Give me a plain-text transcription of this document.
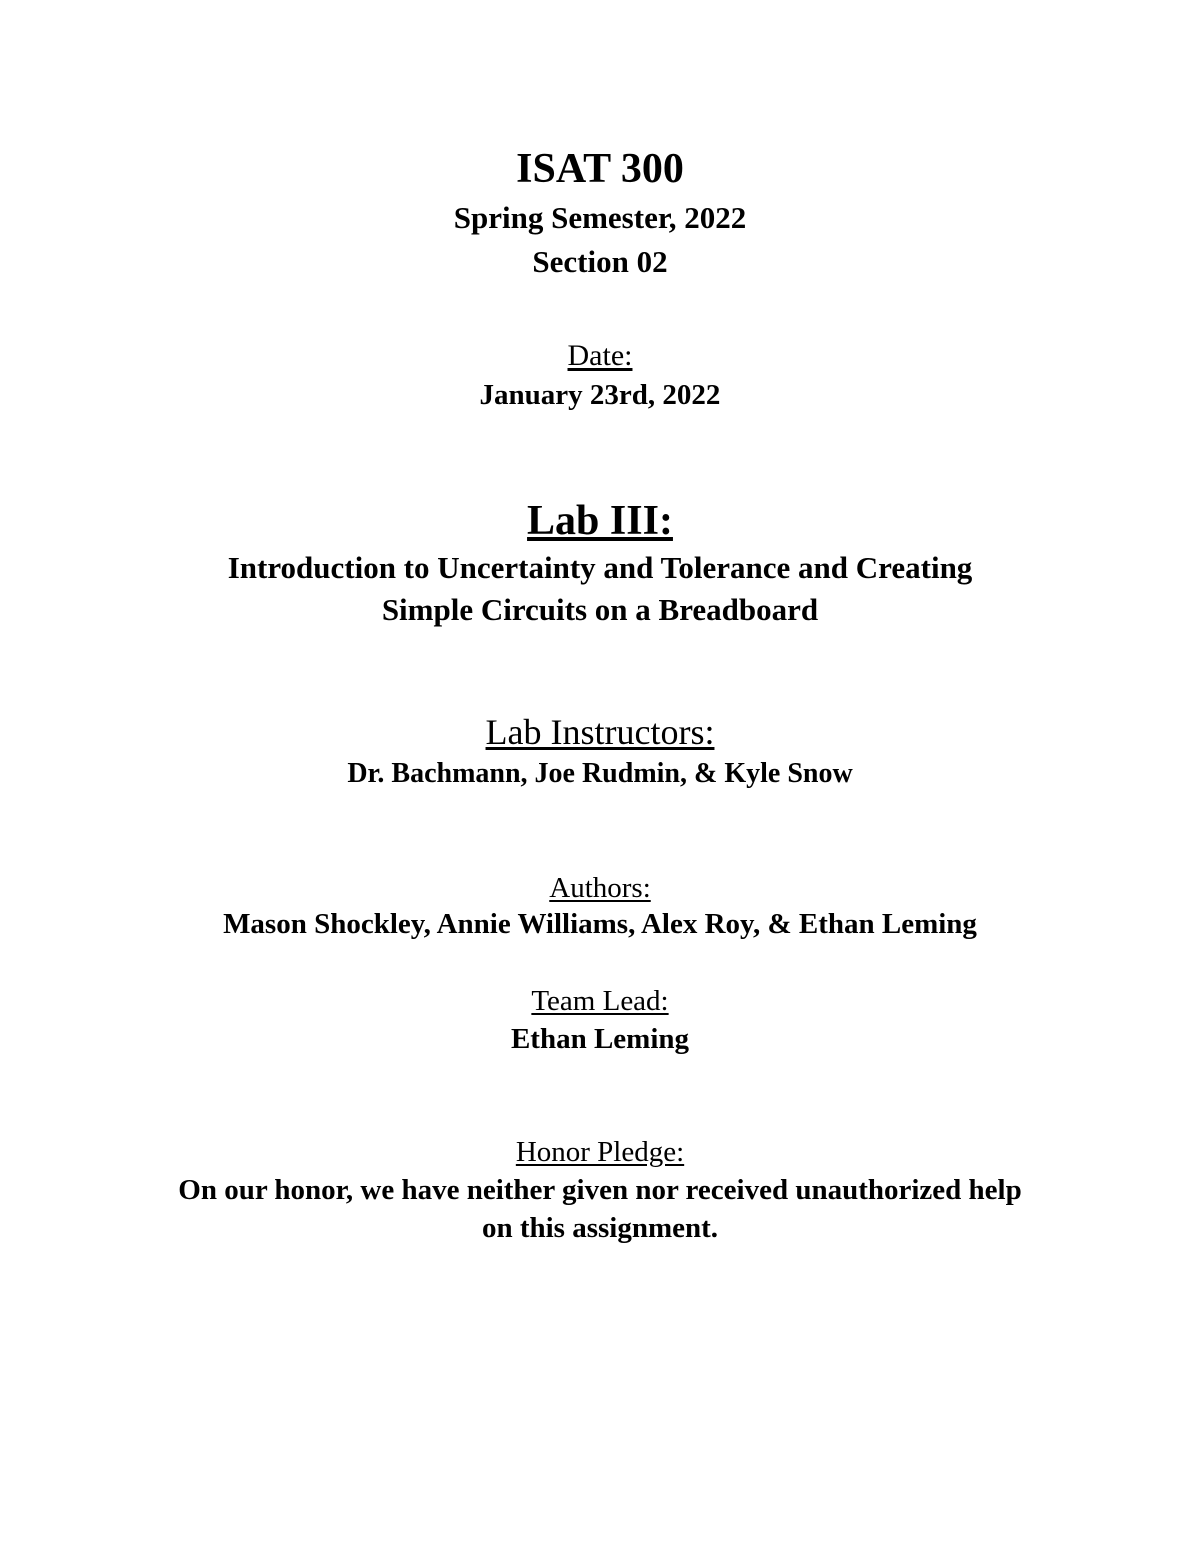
ISAT 300
Spring Semester, 2022
Section 02
Date:
January 23rd, 2022
Lab III:
Introduction to Uncertainty and Tolerance and Creating
Simple Circuits on a Breadboard
Lab Instructors:
Dr. Bachmann, Joe Rudmin, & Kyle Snow
Authors:
Mason Shockley, Annie Williams, Alex Roy, & Ethan Leming
Team Lead:
Ethan Leming
Honor Pledge:
On our honor, we have neither given nor received unauthorized help
on this assignment.
